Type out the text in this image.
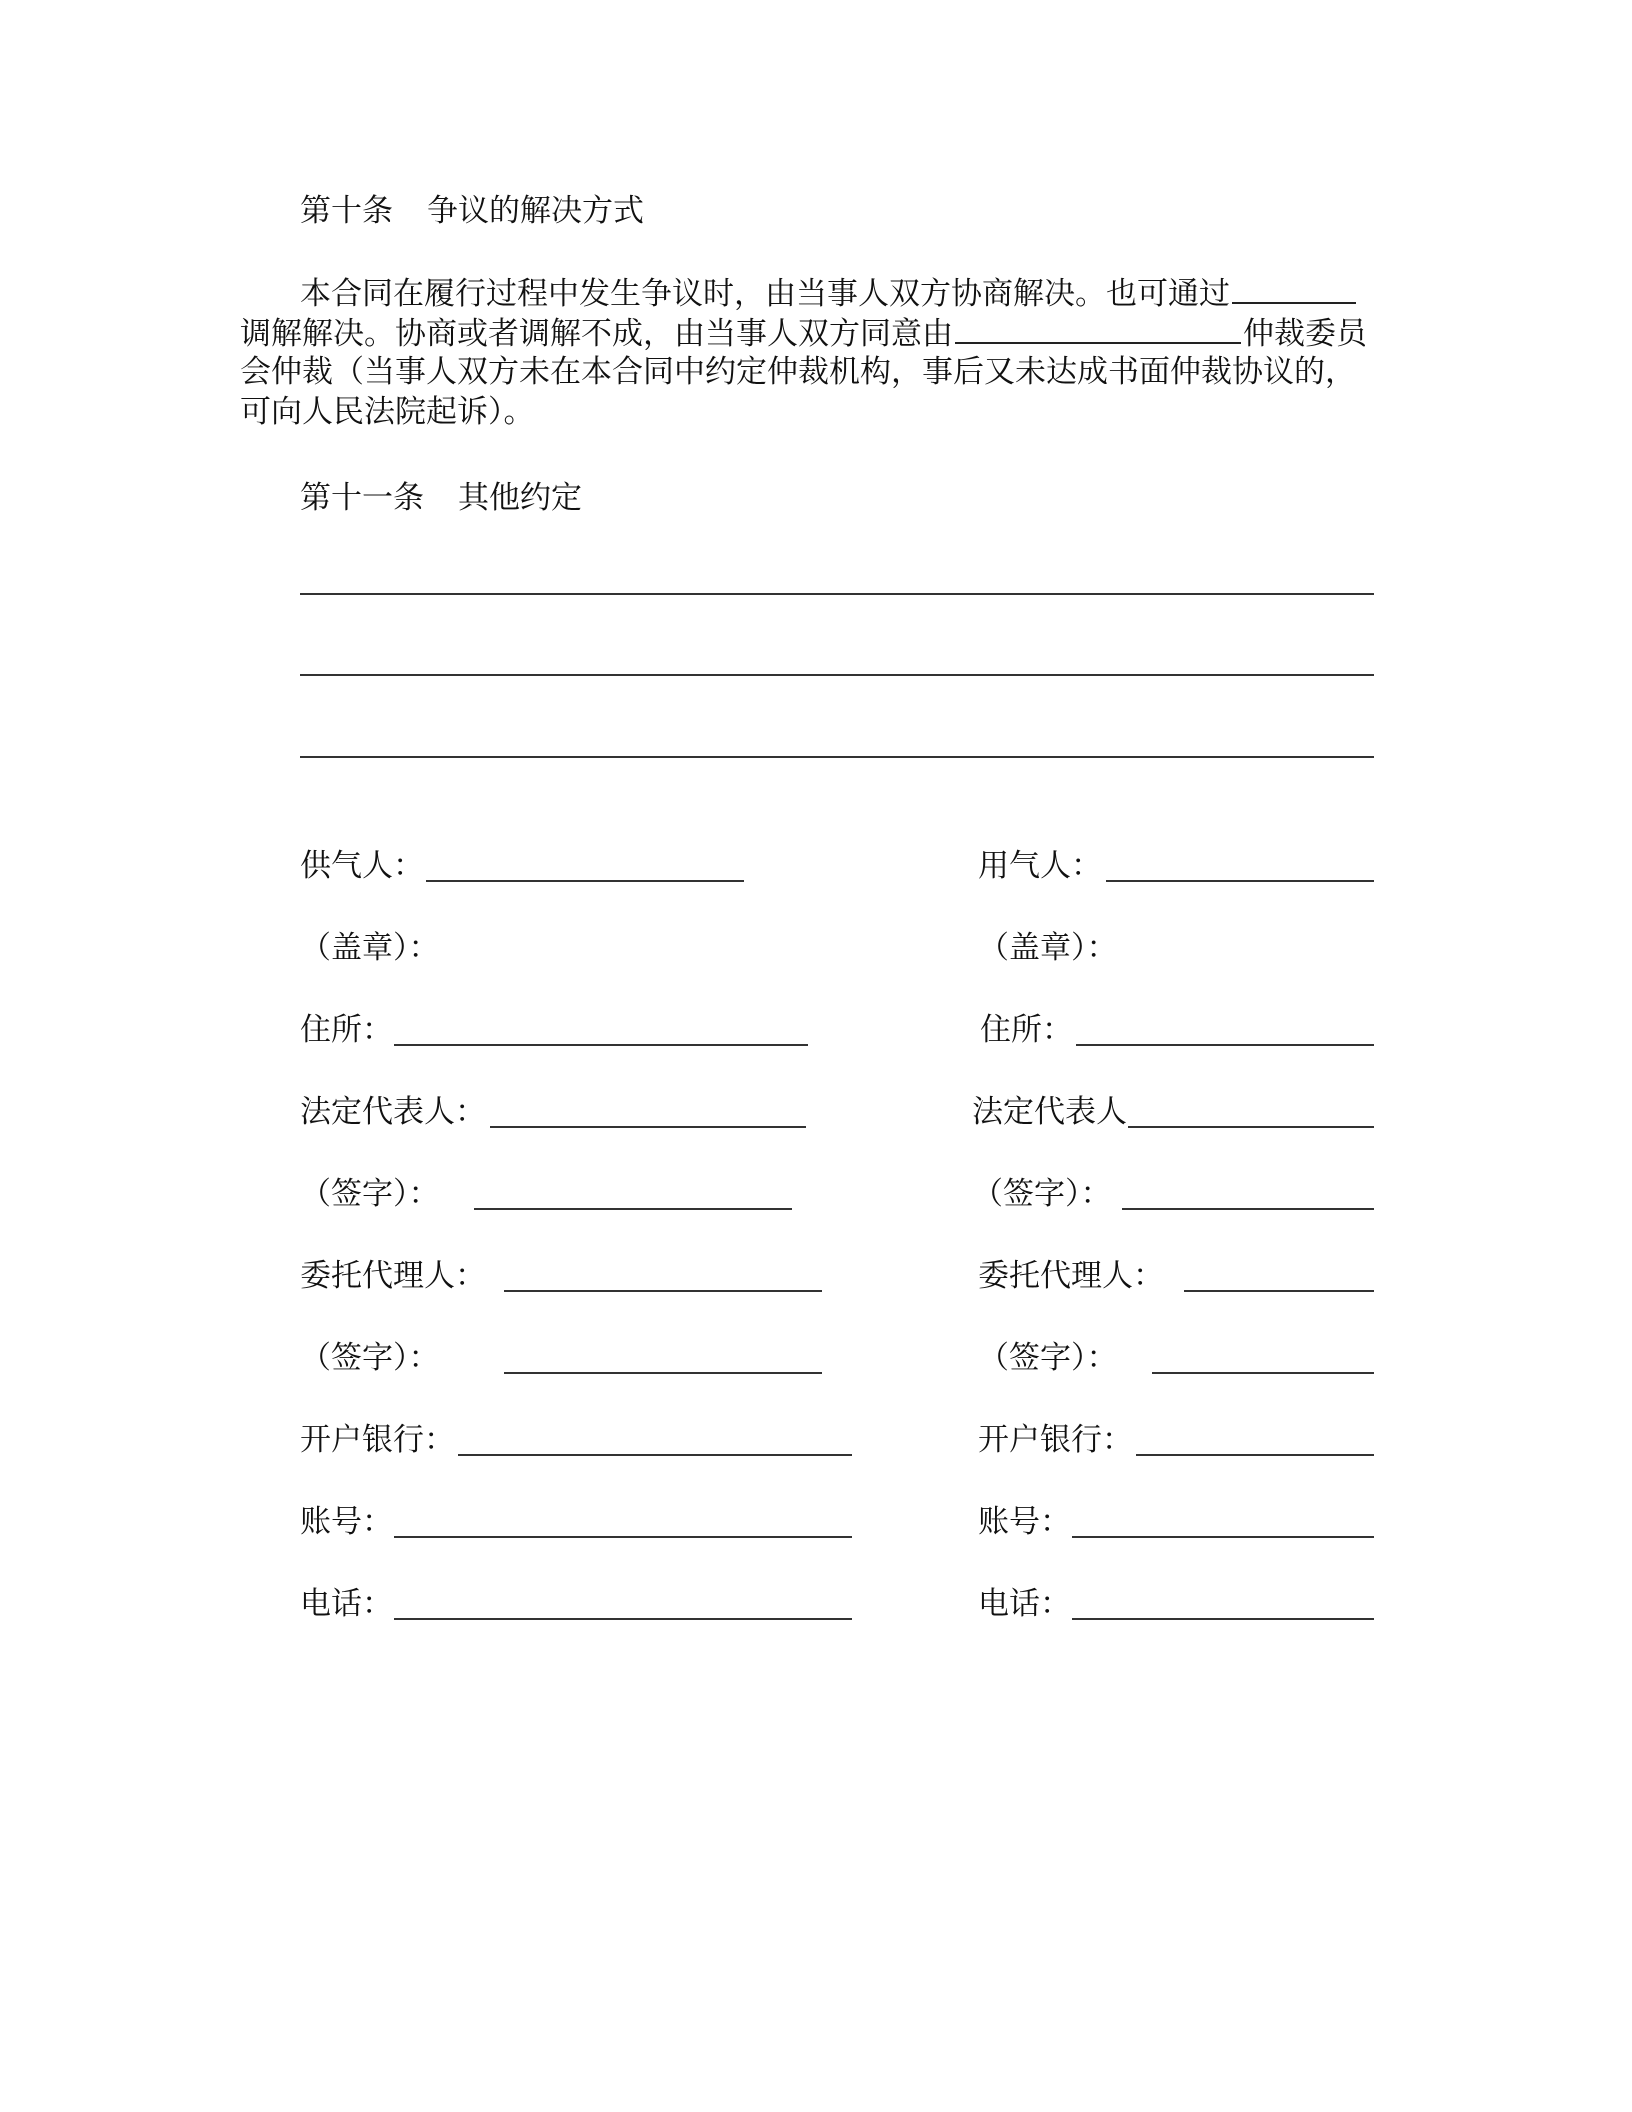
第十条 争议的解决方式
本合同在履行过程中发生争议时，由当事人双方协商解决。也可通过
调解解决。协商或者调解不成，由当事人双方同意由	仲裁委员
会仲裁（当事人双方未在本合同中约定仲裁机构，事后又未达成书面仲裁协议的，
可向人民法院起诉）。
第十一条 其他约定
供气人：
（盖章）：
住所：
法定代表人：
（签字）：
委托代理人：
（签字）：
开户银行：
账号：
电话：
用气人：
（盖章）：
住所：
法定代表人
（签字）：
委托代理人：
（签字）：
开户银行：
账号：
电话：
